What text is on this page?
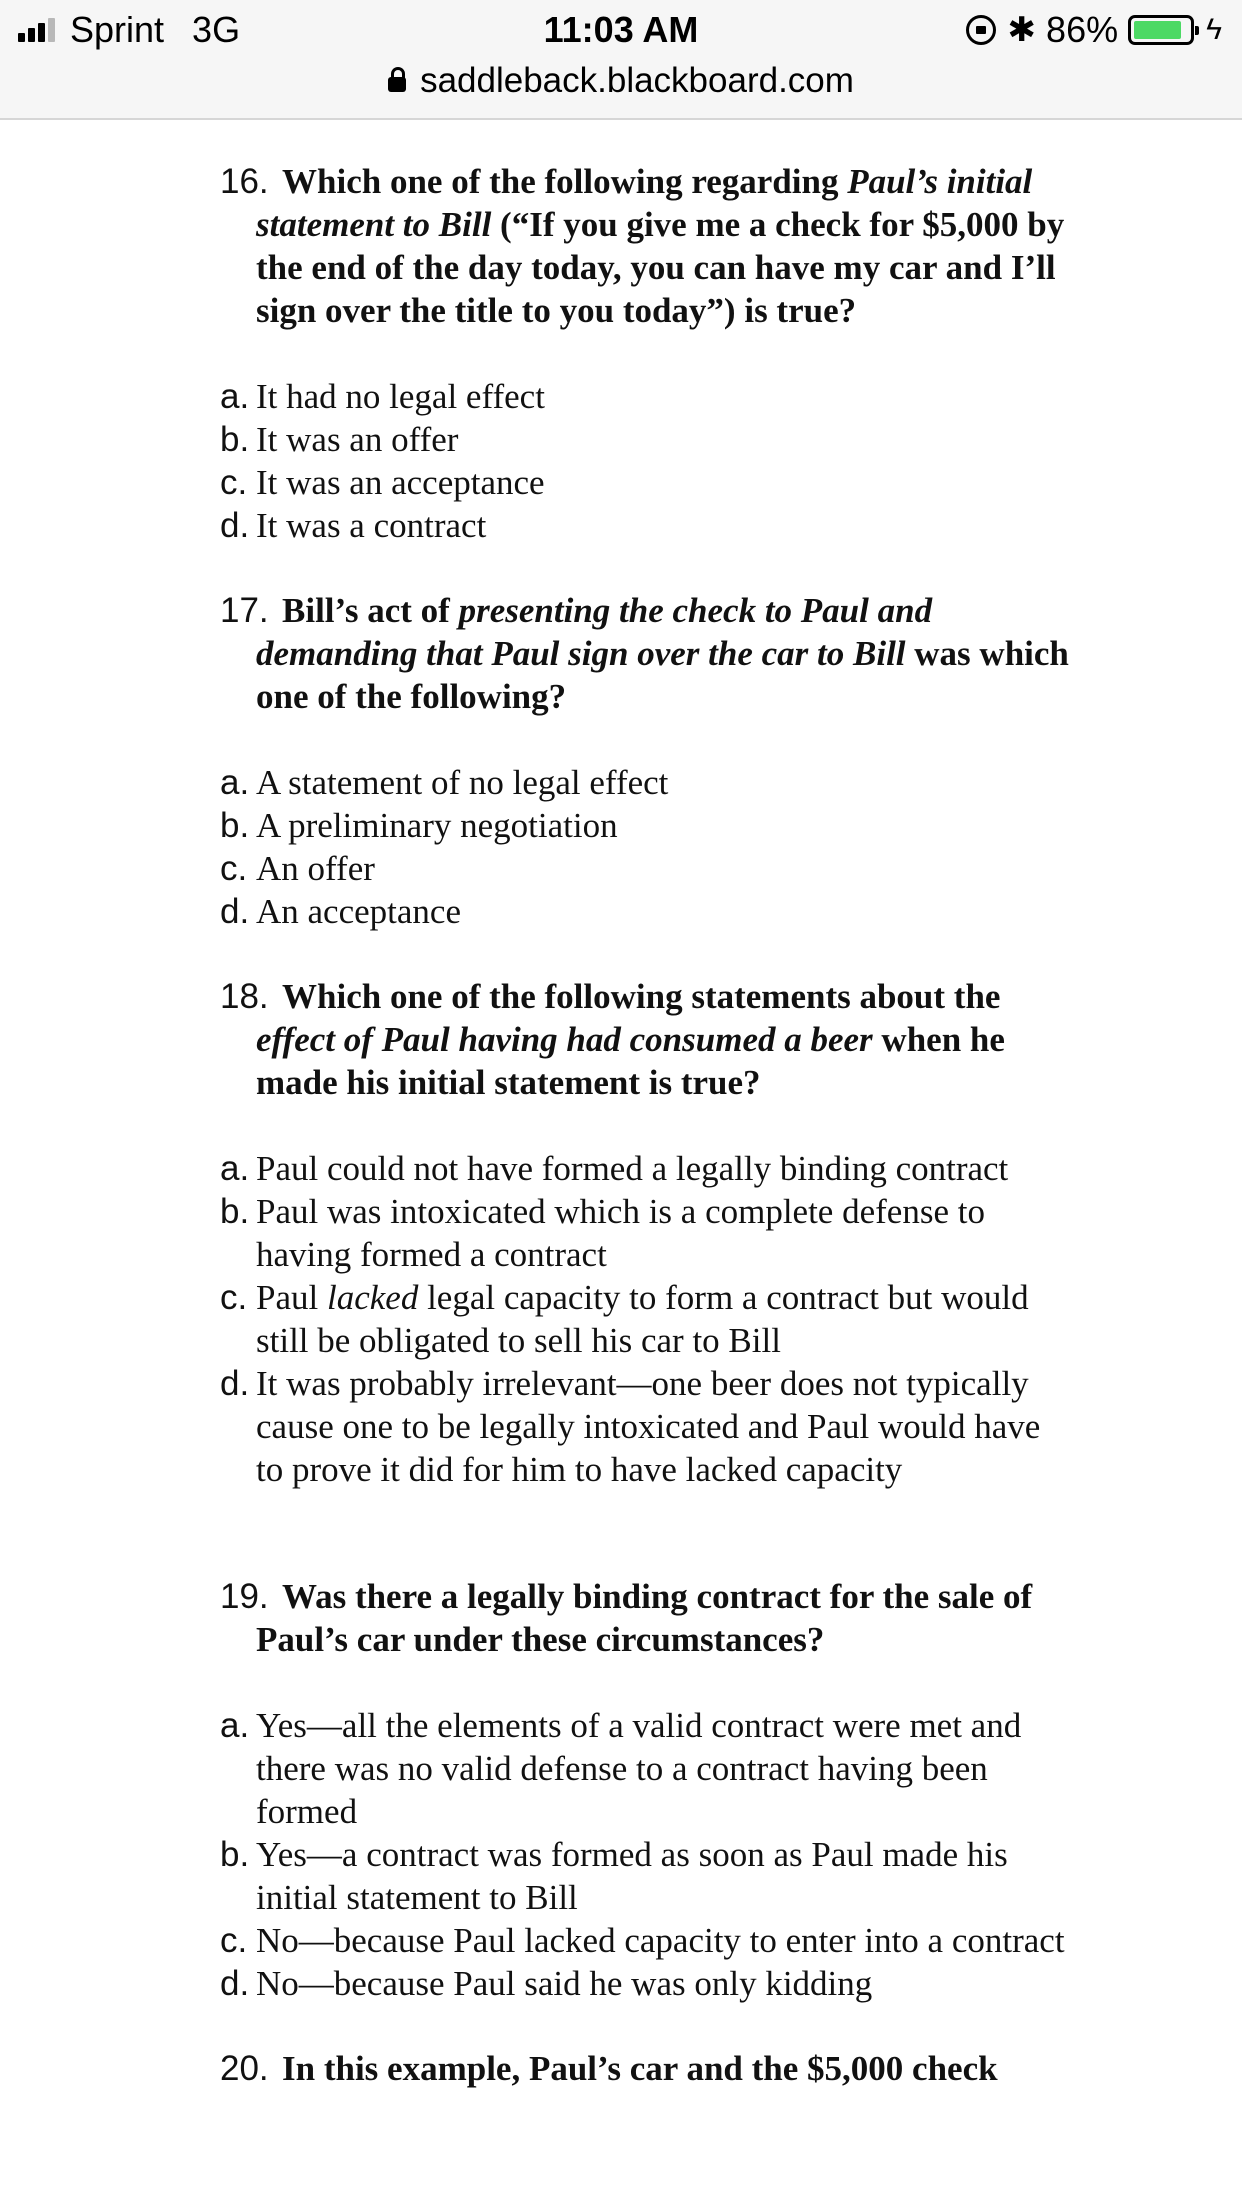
Sprint 3G	11:03 AM	✱ 86%	ϟ
saddleback.blackboard.com
16. Which one of the following regarding Paul’s initial statement to Bill (“If you give me a check for $5,000 by the end of the day today, you can have my car and I’ll sign over the title to you today”) is true?

a. It had no legal effect
b. It was an offer
c. It was an acceptance
d. It was a contract
17. Bill’s act of presenting the check to Paul and demanding that Paul sign over the car to Bill was which one of the following?

a. A statement of no legal effect
b. A preliminary negotiation
c. An offer
d. An acceptance
18. Which one of the following statements about the effect of Paul having had consumed a beer when he made his initial statement is true?

a. Paul could not have formed a legally binding contract
b. Paul was intoxicated which is a complete defense to having formed a contract
c. Paul lacked legal capacity to form a contract but would still be obligated to sell his car to Bill
d. It was probably irrelevant—one beer does not typically cause one to be legally intoxicated and Paul would have to prove it did for him to have lacked capacity
19. Was there a legally binding contract for the sale of Paul’s car under these circumstances?

a. Yes—all the elements of a valid contract were met and there was no valid defense to a contract having been formed
b. Yes—a contract was formed as soon as Paul made his initial statement to Bill
c. No—because Paul lacked capacity to enter into a contract
d. No—because Paul said he was only kidding
20. In this example, Paul’s car and the $5,000 check
